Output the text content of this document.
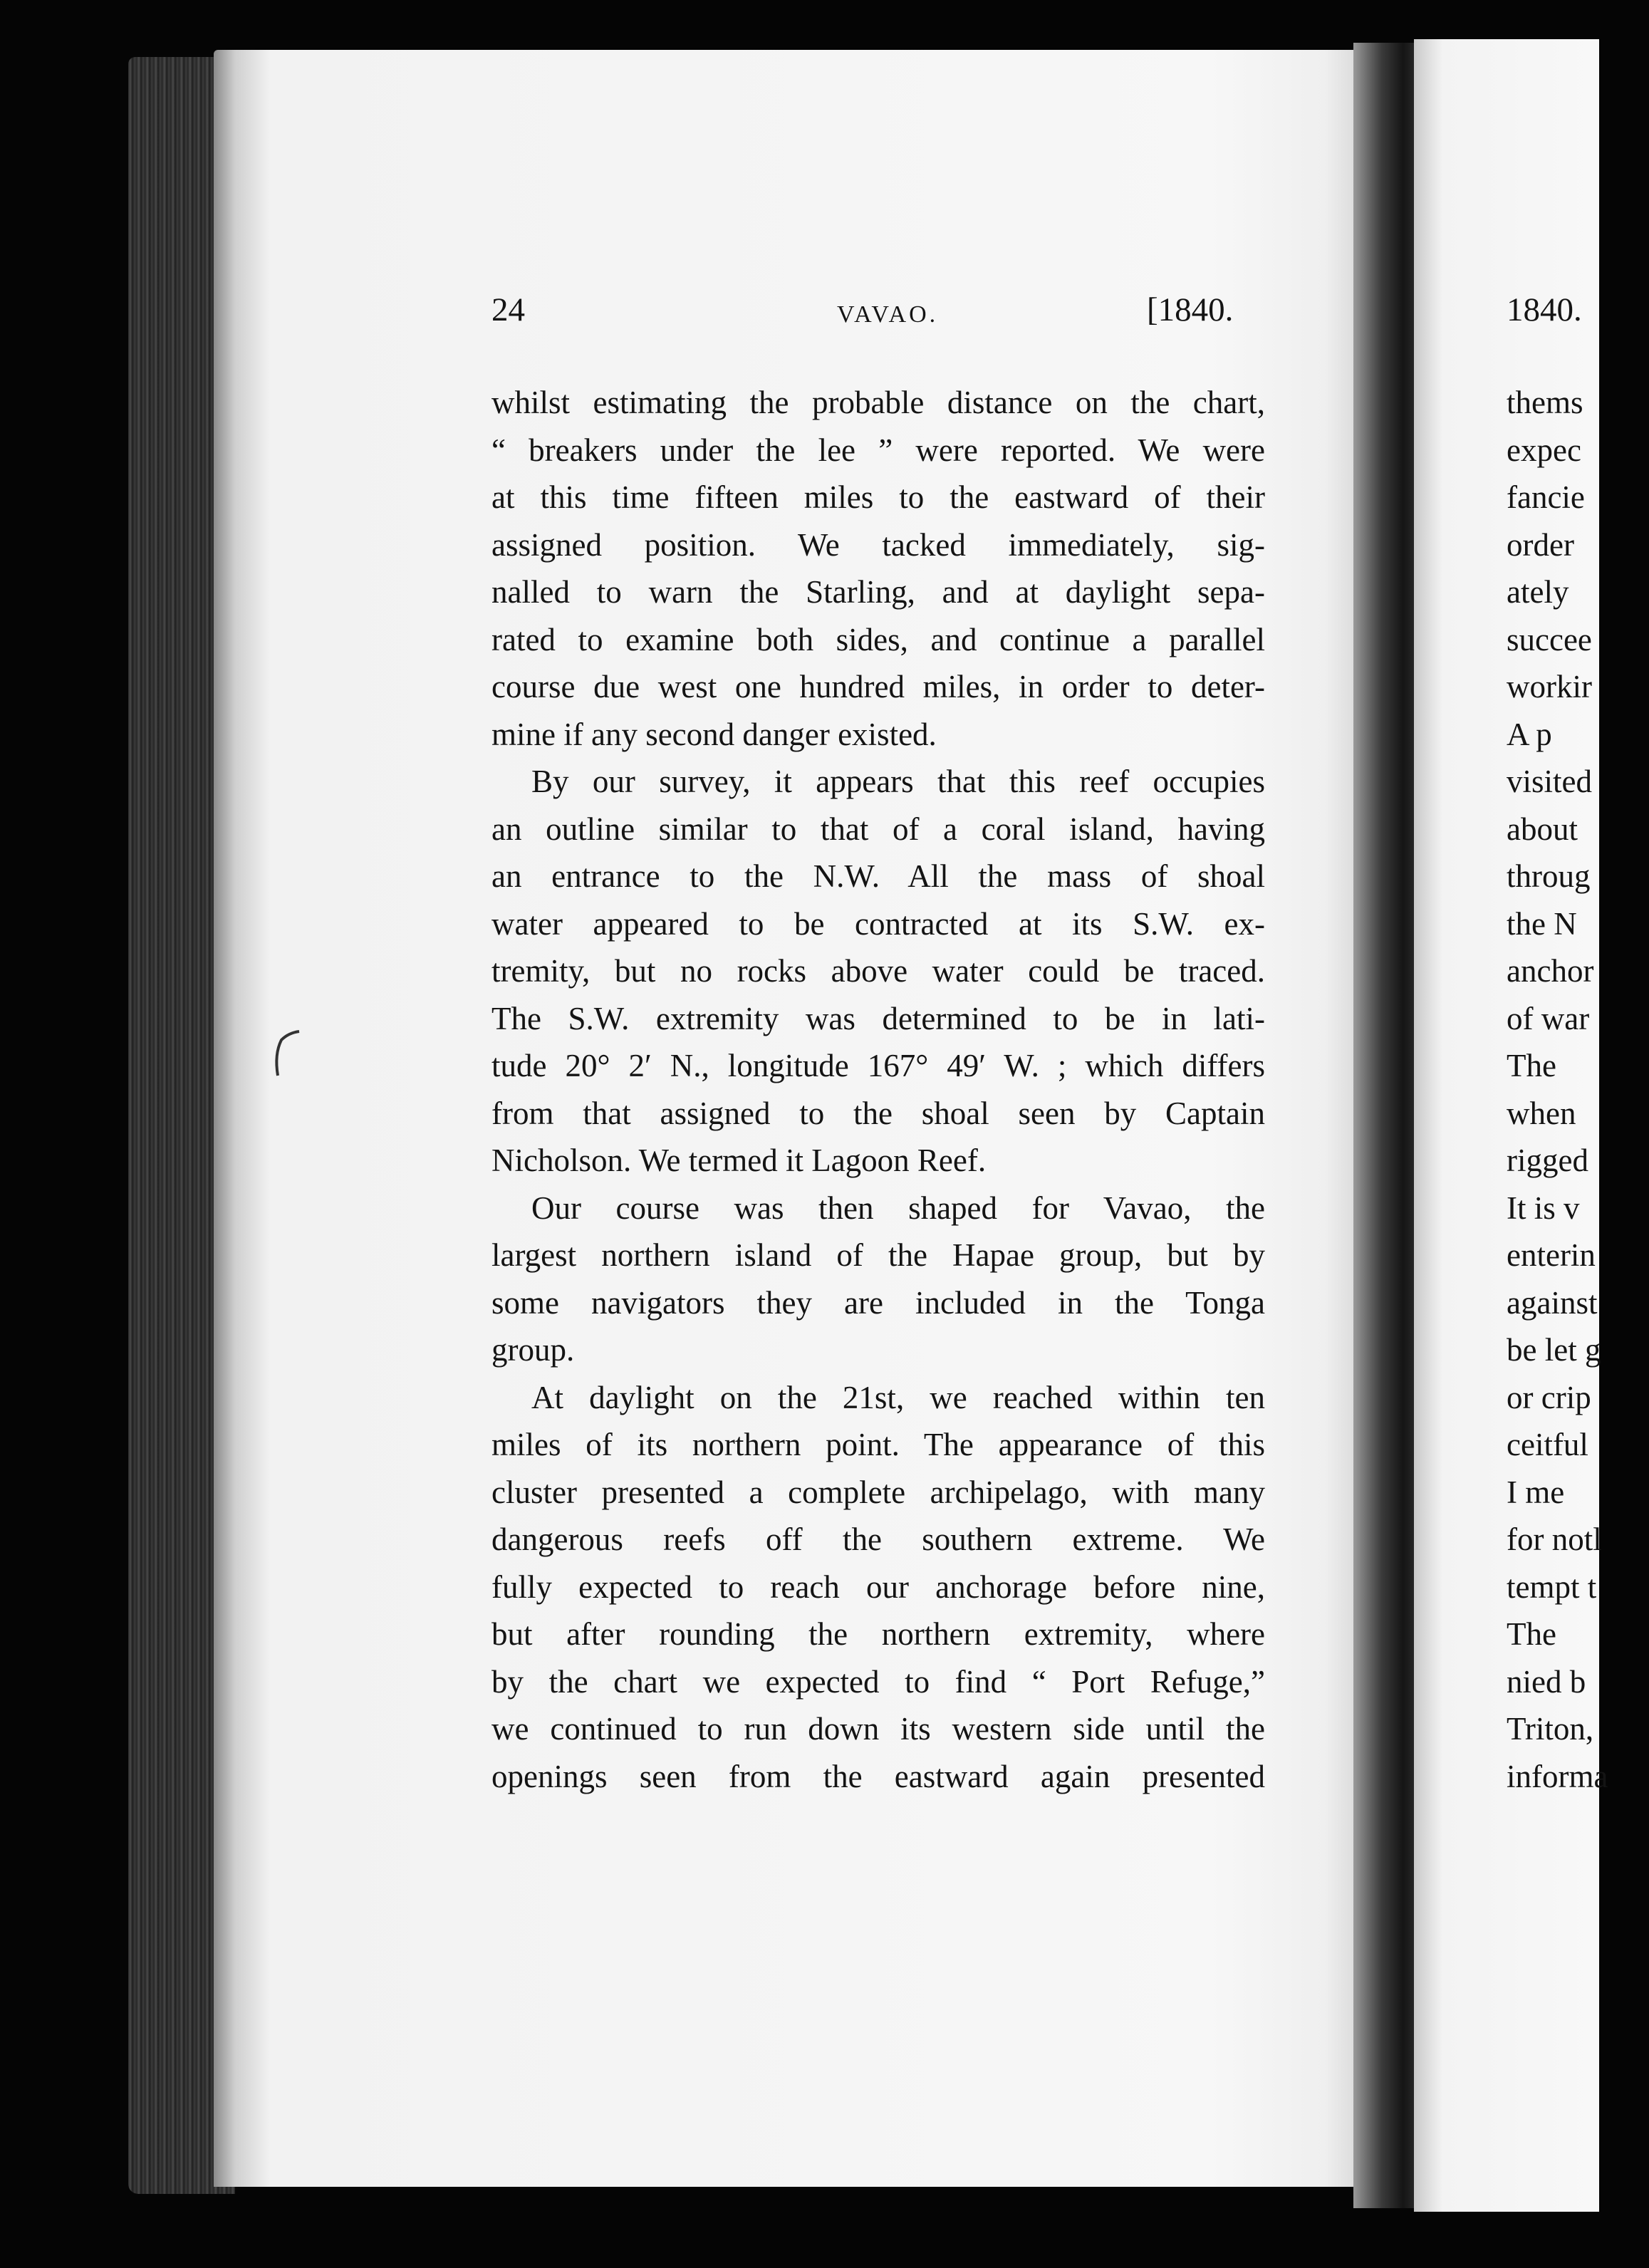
24	VAVAO.	[1840.
whilst estimating the probable distance on the chart,
“ breakers under the lee ” were reported. We were
at this time fifteen miles to the eastward of their
assigned position. We tacked immediately, sig-
nalled to warn the Starling, and at daylight sepa-
rated to examine both sides, and continue a parallel
course due west one hundred miles, in order to deter-
mine if any second danger existed.
By our survey, it appears that this reef occupies
an outline similar to that of a coral island, having
an entrance to the N.W. All the mass of shoal
water appeared to be contracted at its S.W. ex-
tremity, but no rocks above water could be traced.
The S.W. extremity was determined to be in lati-
tude 20° 2′ N., longitude 167° 49′ W. ; which differs
from that assigned to the shoal seen by Captain
Nicholson. We termed it Lagoon Reef.
Our course was then shaped for Vavao, the
largest northern island of the Hapae group, but by
some navigators they are included in the Tonga
group.
At daylight on the 21st, we reached within ten
miles of its northern point. The appearance of this
cluster presented a complete archipelago, with many
dangerous reefs off the southern extreme. We
fully expected to reach our anchorage before nine,
but after rounding the northern extremity, where
by the chart we expected to find “ Port Refuge,”
we continued to run down its western side until the
openings seen from the eastward again presented
1840.
thems
expec
fancie
order
ately
succee
workir
A p
visited
about
throug
the N
anchor
of war
The
when
rigged
It is v
enterin
against
be let g
or crip
ceitful
I me
for notl
tempt t
The
nied b
Triton,
informa
